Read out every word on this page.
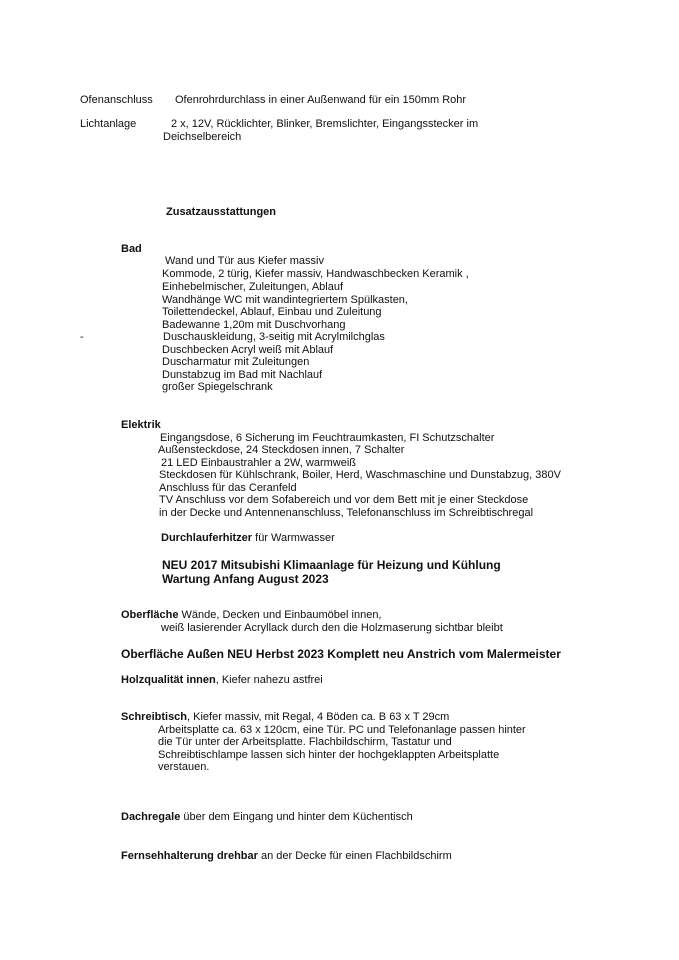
Ofenanschluss Ofenrohrdurchlass in einer Außenwand für ein 150mm Rohr
Lichtanlage	2 x, 12V, Rücklichter, Blinker, Bremslichter, Eingangsstecker im
Deichselbereich
Zusatzausstattungen
Bad
Wand und Tür aus Kiefer massiv
Kommode, 2 türig, Kiefer massiv, Handwaschbecken Keramik ,
Einhebelmischer, Zuleitungen, Ablauf
Wandhänge WC mit wandintegriertem Spülkasten,
Toilettendeckel, Ablauf, Einbau und Zuleitung
Badewanne 1,20m mit Duschvorhang
-	Duschauskleidung, 3-seitig mit Acrylmilchglas
Duschbecken Acryl weiß mit Ablauf
Duscharmatur mit Zuleitungen
Dunstabzug im Bad mit Nachlauf
großer Spiegelschrank
Elektrik
Eingangsdose, 6 Sicherung im Feuchtraumkasten, FI Schutzschalter
Außensteckdose, 24 Steckdosen innen, 7 Schalter
21 LED Einbaustrahler a 2W, warmweiß
Steckdosen für Kühlschrank, Boiler, Herd, Waschmaschine und Dunstabzug, 380V
Anschluss für das Ceranfeld
TV Anschluss vor dem Sofabereich und vor dem Bett mit je einer Steckdose
in der Decke und Antennenanschluss, Telefonanschluss im Schreibtischregal
Durchlauferhitzer für Warmwasser
NEU 2017 Mitsubishi Klimaanlage für Heizung und Kühlung
Wartung Anfang August 2023
Oberfläche Wände, Decken und Einbaumöbel innen,
weiß lasierender Acryllack durch den die Holzmaserung sichtbar bleibt
Oberfläche Außen NEU Herbst 2023 Komplett neu Anstrich vom Malermeister
Holzqualität innen, Kiefer nahezu astfrei
Schreibtisch, Kiefer massiv, mit Regal, 4 Böden ca. B 63 x T 29cm
Arbeitsplatte ca. 63 x 120cm, eine Tür. PC und Telefonanlage passen hinter
die Tür unter der Arbeitsplatte. Flachbildschirm, Tastatur und
Schreibtischlampe lassen sich hinter der hochgeklappten Arbeitsplatte
verstauen.
Dachregale über dem Eingang und hinter dem Küchentisch
Fernsehhalterung drehbar an der Decke für einen Flachbildschirm
